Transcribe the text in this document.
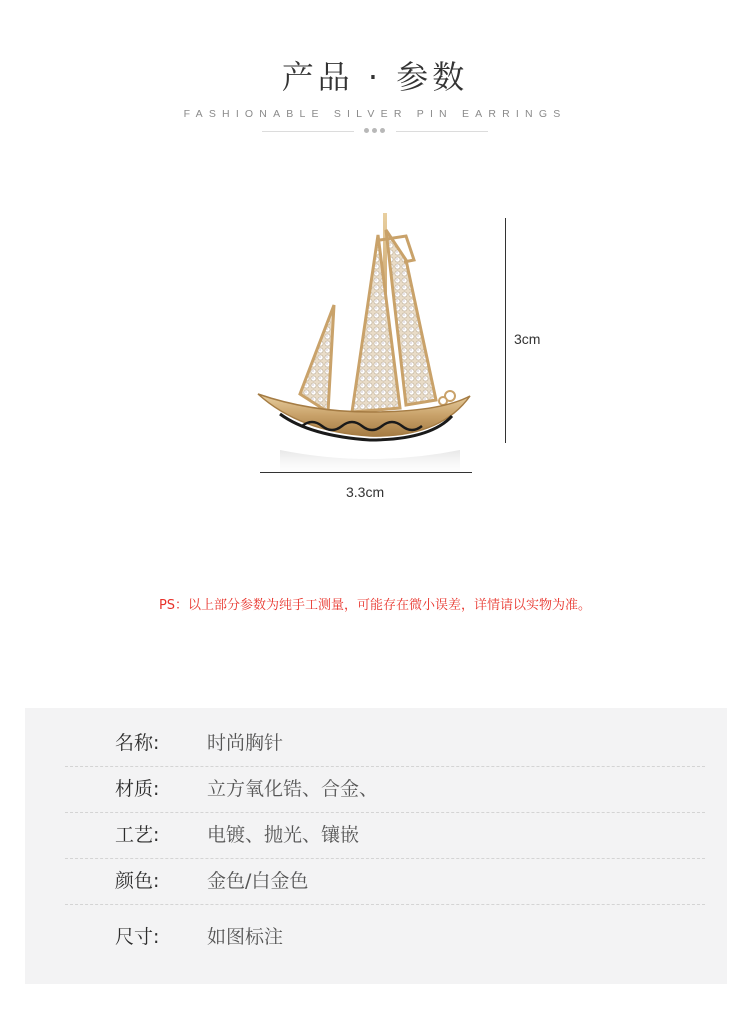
产品 · 参数
FASHIONABLE SILVER PIN EARRINGS
3cm
3.3cm
PS：以上部分参数为纯手工测量，可能存在微小误差，详情请以实物为准。
名称:	时尚胸针
材质:	立方氧化锆、合金、
工艺:	电镀、抛光、镶嵌
颜色:	金色/白金色
尺寸:	如图标注
